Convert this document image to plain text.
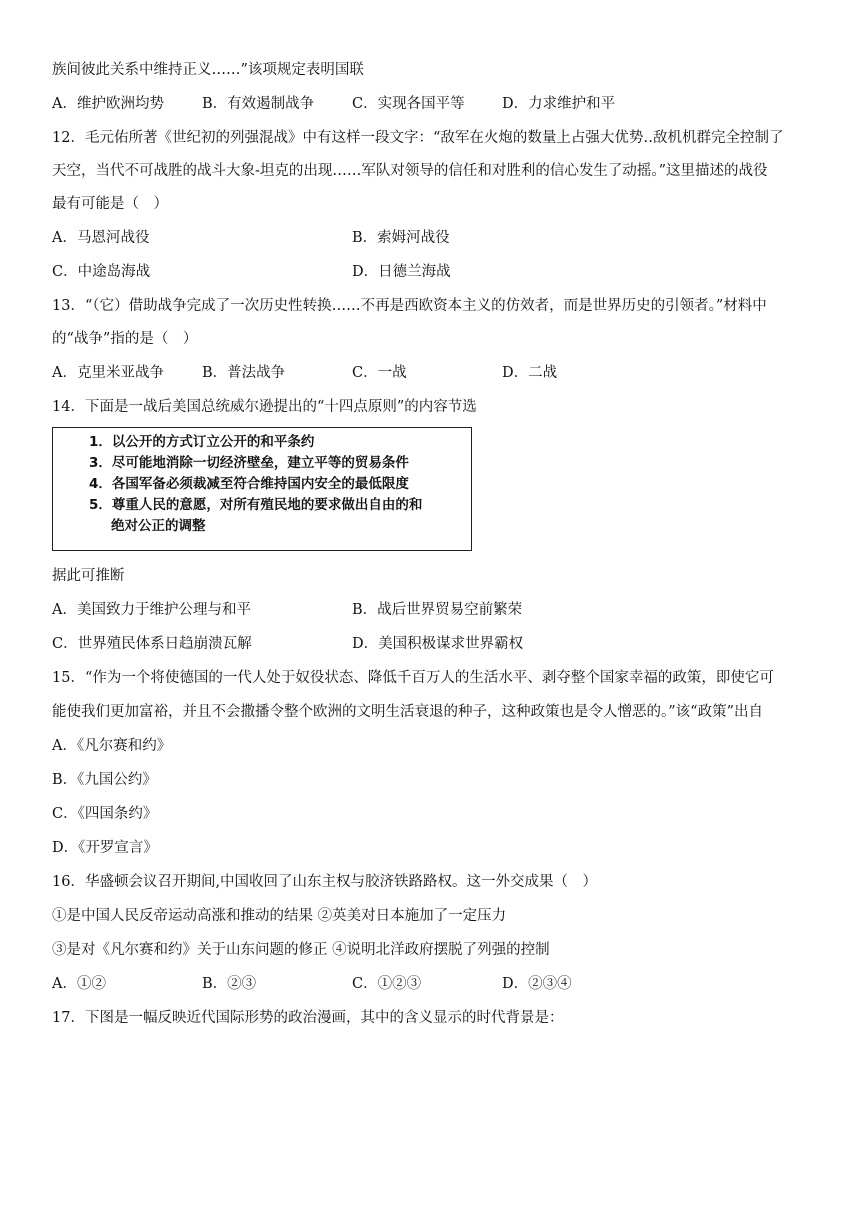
族间彼此关系中维持正义……”该项规定表明国联
A．维护欧洲均势	B．有效遏制战争	C．实现各国平等	D．力求维护和平
12．毛元佑所著《世纪初的列强混战》中有这样一段文字：“敌军在火炮的数量上占强大优势‥敌机机群完全控制了
天空，当代不可战胜的战斗大象-坦克的出现……军队对领导的信任和对胜利的信心发生了动摇。”这里描述的战役
最有可能是（　）
A．马恩河战役	B．索姆河战役
C．中途岛海战	D．日德兰海战
13．“（它）借助战争完成了一次历史性转换……不再是西欧资本主义的仿效者，而是世界历史的引领者。”材料中
的“战争”指的是（　）
A．克里米亚战争	B．普法战争	C．一战	D．二战
14．下面是一战后美国总统威尔逊提出的“十四点原则”的内容节选
1．以公开的方式订立公开的和平条约
3．尽可能地消除一切经济壁垒，建立平等的贸易条件
4．各国军备必须裁减至符合维持国内安全的最低限度
5．尊重人民的意愿，对所有殖民地的要求做出自由的和
绝对公正的调整
据此可推断
A．美国致力于维护公理与和平	B．战后世界贸易空前繁荣
C．世界殖民体系日趋崩溃瓦解	D．美国积极谋求世界霸权
15．“作为一个将使德国的一代人处于奴役状态、降低千百万人的生活水平、剥夺整个国家幸福的政策，即使它可
能使我们更加富裕，并且不会撒播令整个欧洲的文明生活衰退的种子，这种政策也是令人憎恶的。”该“政策”出自
A．《凡尔赛和约》
B．《九国公约》
C．《四国条约》
D．《开罗宣言》
16．华盛顿会议召开期间,中国收回了山东主权与胶济铁路路权。这一外交成果（　）
①是中国人民反帝运动高涨和推动的结果 ②英美对日本施加了一定压力
③是对《凡尔赛和约》关于山东问题的修正 ④说明北洋政府摆脱了列强的控制
A．①②	B．②③	C．①②③	D．②③④
17．下图是一幅反映近代国际形势的政治漫画，其中的含义显示的时代背景是：
